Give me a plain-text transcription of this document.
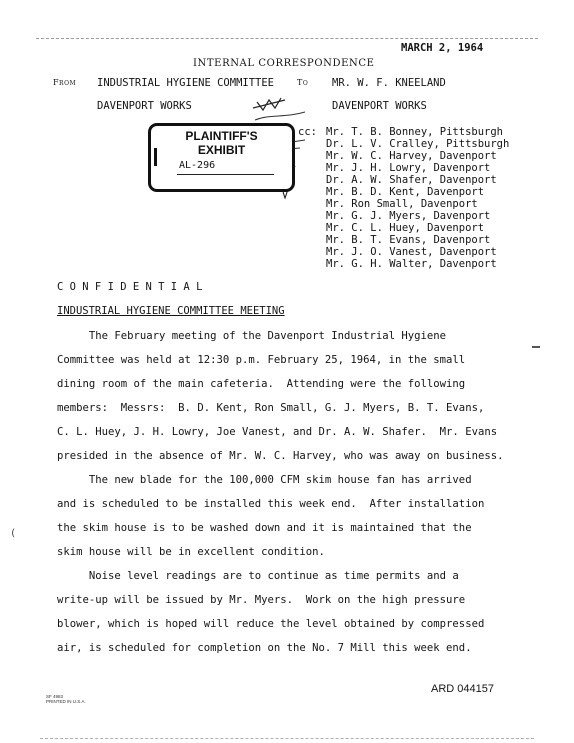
MARCH 2, 1964
INTERNAL CORRESPONDENCE
From INDUSTRIAL HYGIENE COMMITTEE
DAVENPORT WORKS
To MR. W. F. KNEELAND
DAVENPORT WORKS
PLAINTIFF'S
EXHIBIT
AL-296
cc: Mr. T. B. Bonney, Pittsburgh
Dr. L. V. Cralley, Pittsburgh
Mr. W. C. Harvey, Davenport
Mr. J. H. Lowry, Davenport
Dr. A. W. Shafer, Davenport
Mr. B. D. Kent, Davenport
Mr. Ron Small, Davenport
Mr. G. J. Myers, Davenport
Mr. C. L. Huey, Davenport
Mr. B. T. Evans, Davenport
Mr. J. O. Vanest, Davenport
Mr. G. H. Walter, Davenport
C O N F I D E N T I A L
INDUSTRIAL HYGIENE COMMITTEE MEETING
The February meeting of the Davenport Industrial Hygiene
Committee was held at 12:30 p.m. February 25, 1964, in the small
dining room of the main cafeteria.  Attending were the following
members:  Messrs:  B. D. Kent, Ron Small, G. J. Myers, B. T. Evans,
C. L. Huey, J. H. Lowry, Joe Vanest, and Dr. A. W. Shafer.  Mr. Evans
presided in the absence of Mr. W. C. Harvey, who was away on business.
The new blade for the 100,000 CFM skim house fan has arrived
and is scheduled to be installed this week end.  After installation
the skim house is to be washed down and it is maintained that the
skim house will be in excellent condition.
Noise level readings are to continue as time permits and a
write-up will be issued by Mr. Myers.  Work on the high pressure
blower, which is hoped will reduce the level obtained by compressed
air, is scheduled for completion on the No. 7 Mill this week end.
(
SF 4983
PRINTED IN U.S.A.
ARD 044157
